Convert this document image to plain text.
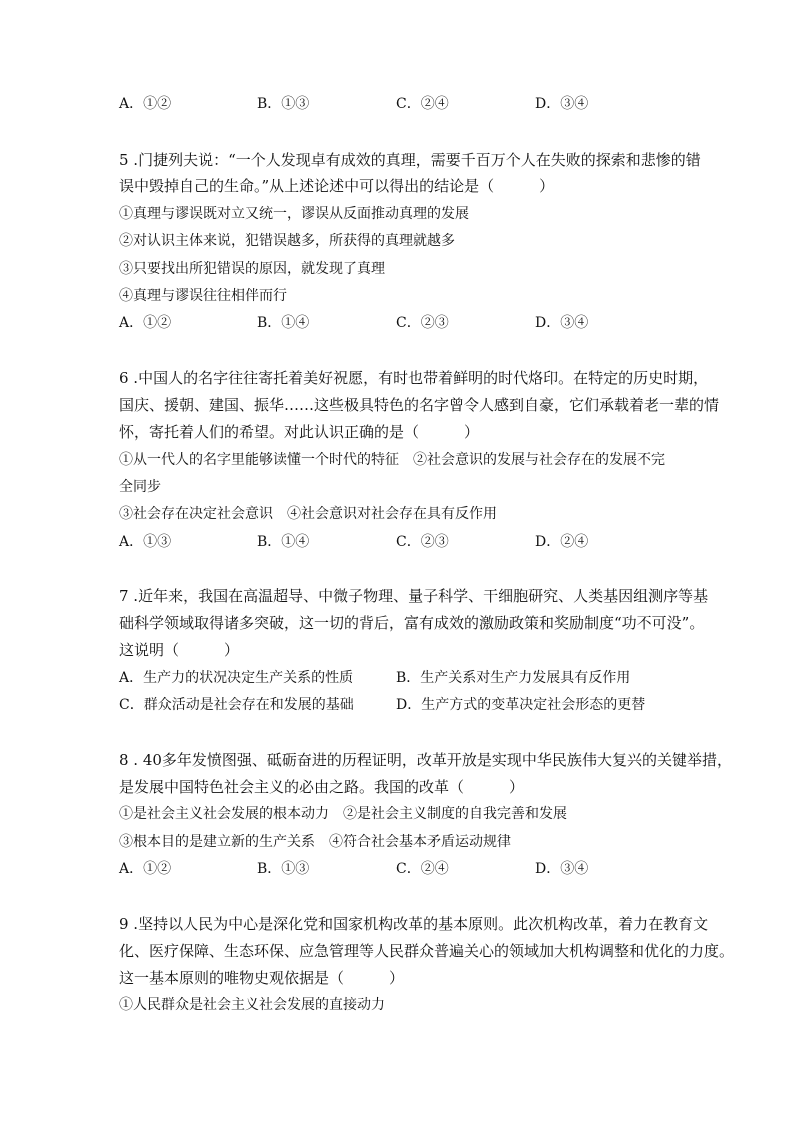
A．①②	B．①③	C．②④	D．③④
5 .门捷列夫说：“一个人发现卓有成效的真理，需要千百万个人在失败的探索和悲惨的错
误中毁掉自己的生命。”从上述论述中可以得出的结论是（　　　）
①真理与谬误既对立又统一，谬误从反面推动真理的发展
②对认识主体来说，犯错误越多，所获得的真理就越多
③只要找出所犯错误的原因，就发现了真理
④真理与谬误往往相伴而行
A．①②	B．①④	C．②③	D．③④
6 .中国人的名字往往寄托着美好祝愿，有时也带着鲜明的时代烙印。在特定的历史时期，
国庆、援朝、建国、振华……这些极具特色的名字曾令人感到自豪，它们承载着老一辈的情
怀，寄托着人们的希望。对此认识正确的是（　　　）
①从一代人的名字里能够读懂一个时代的特征　②社会意识的发展与社会存在的发展不完
全同步
③社会存在决定社会意识　④社会意识对社会存在具有反作用
A．①③	B．①④	C．②③	D．②④
7 .近年来，我国在高温超导、中微子物理、量子科学、干细胞研究、人类基因组测序等基
础科学领域取得诸多突破，这一切的背后，富有成效的激励政策和奖励制度“功不可没”。
这说明（　　　）
A．生产力的状况决定生产关系的性质	B．生产关系对生产力发展具有反作用
C．群众活动是社会存在和发展的基础	D．生产方式的变革决定社会形态的更替
8 . 40多年发愤图强、砥砺奋进的历程证明，改革开放是实现中华民族伟大复兴的关键举措，
是发展中国特色社会主义的必由之路。我国的改革（　　　）
①是社会主义社会发展的根本动力　②是社会主义制度的自我完善和发展
③根本目的是建立新的生产关系　④符合社会基本矛盾运动规律
A．①②	B．①③	C．②④	D．③④
9 .坚持以人民为中心是深化党和国家机构改革的基本原则。此次机构改革，着力在教育文
化、医疗保障、生态环保、应急管理等人民群众普遍关心的领域加大机构调整和优化的力度。
这一基本原则的唯物史观依据是（　　　）
①人民群众是社会主义社会发展的直接动力
